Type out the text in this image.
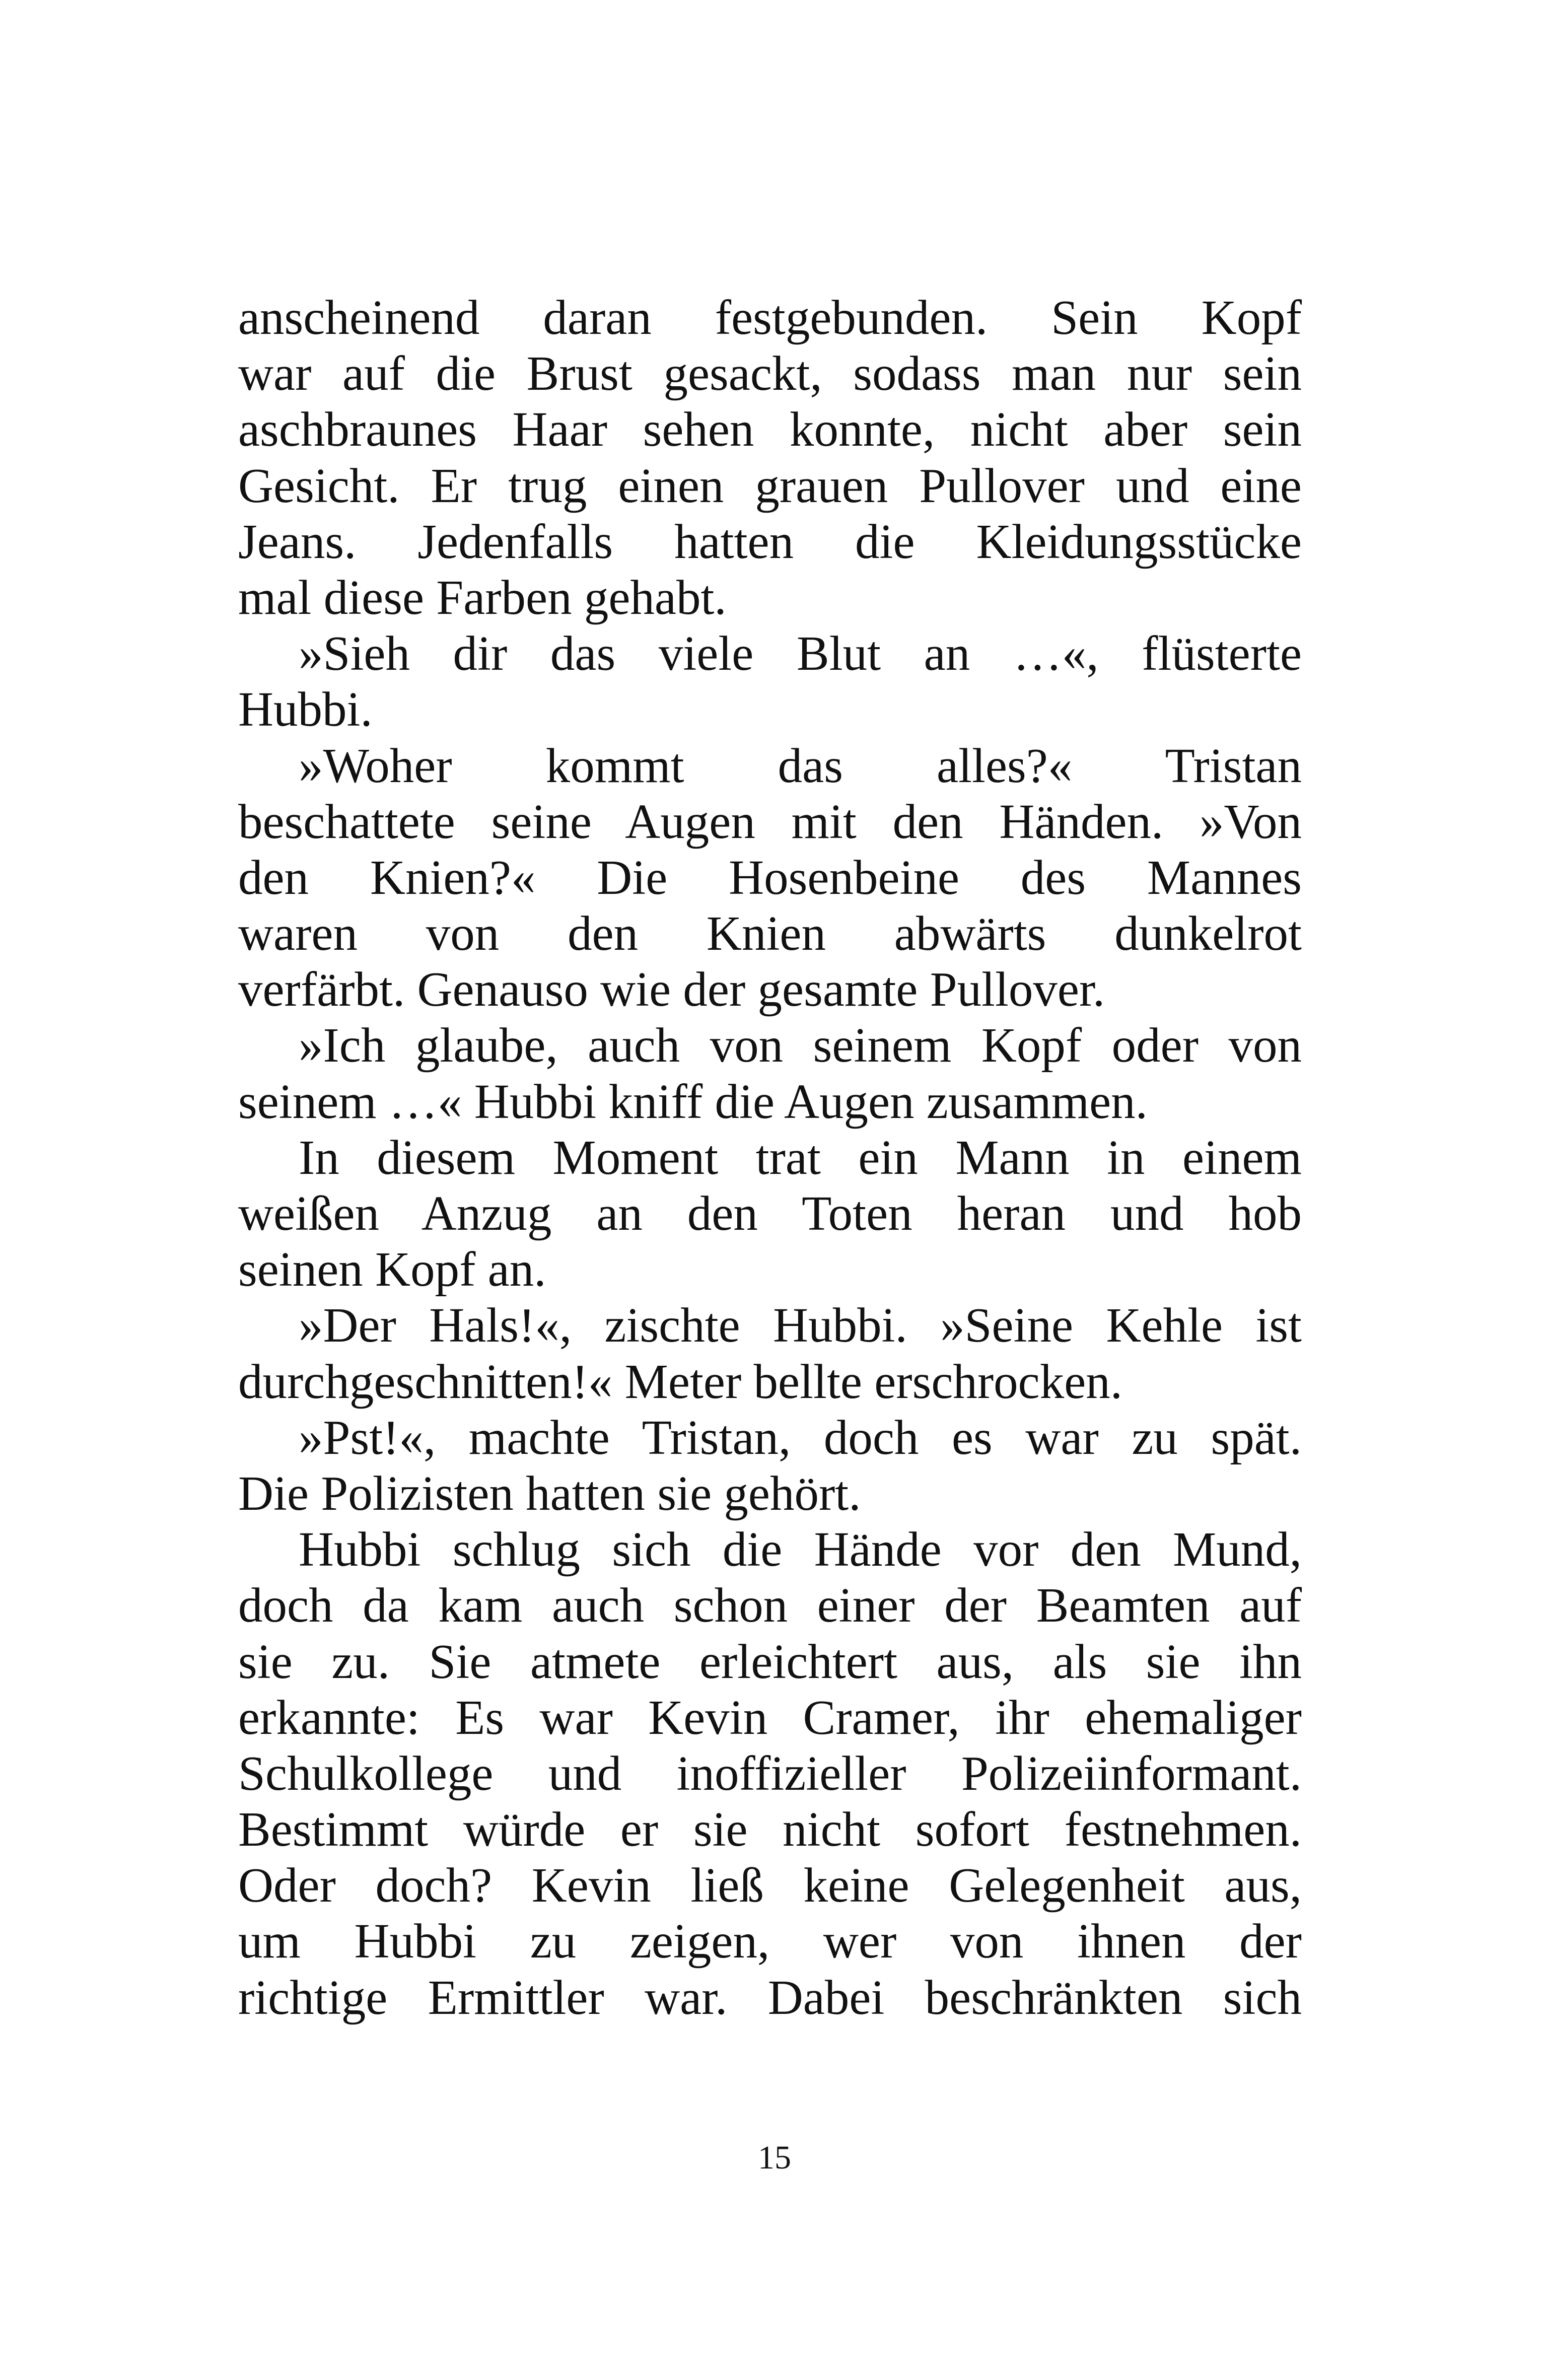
anscheinend daran festgebunden. Sein Kopf
war auf die Brust gesackt, sodass man nur sein
aschbraunes Haar sehen konnte, nicht aber sein
Gesicht. Er trug einen grauen Pullover und eine
Jeans. Jedenfalls hatten die Kleidungsstücke
mal diese Farben gehabt.
»Sieh dir das viele Blut an …«, flüsterte
Hubbi.
»Woher kommt das alles?« Tristan
beschattete seine Augen mit den Händen. »Von
den Knien?« Die Hosenbeine des Mannes
waren von den Knien abwärts dunkelrot
verfärbt. Genauso wie der gesamte Pullover.
»Ich glaube, auch von seinem Kopf oder von
seinem …« Hubbi kniff die Augen zusammen.
In diesem Moment trat ein Mann in einem
weißen Anzug an den Toten heran und hob
seinen Kopf an.
»Der Hals!«, zischte Hubbi. »Seine Kehle ist
durchgeschnitten!« Meter bellte erschrocken.
»Pst!«, machte Tristan, doch es war zu spät.
Die Polizisten hatten sie gehört.
Hubbi schlug sich die Hände vor den Mund,
doch da kam auch schon einer der Beamten auf
sie zu. Sie atmete erleichtert aus, als sie ihn
erkannte: Es war Kevin Cramer, ihr ehemaliger
Schulkollege und inoffizieller Polizeiinformant.
Bestimmt würde er sie nicht sofort festnehmen.
Oder doch? Kevin ließ keine Gelegenheit aus,
um Hubbi zu zeigen, wer von ihnen der
richtige Ermittler war. Dabei beschränkten sich
15
